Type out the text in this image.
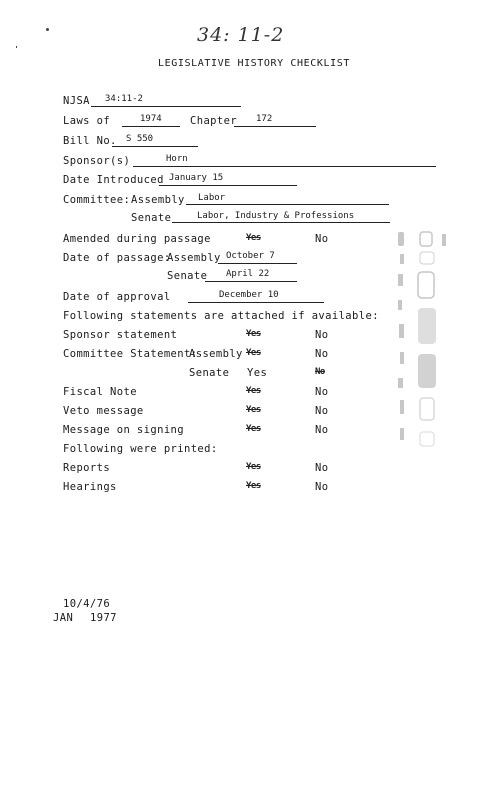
34: 11-2
LEGISLATIVE HISTORY CHECKLIST
NJSA 34:11-2
Laws of	1974	Chapter 172
Bill No. S 550
Sponsor(s)	Horn
Date Introduced January 15
Committee: Assembly Labor
Senate	Labor, Industry & Professions
Amended during passage	Yes	No
Date of passage:
Assembly October 7
Senate April 22
Date of approval	December 10
Following statements are attached if available:
Sponsor statement	Yes	No
Committee Statement:
Assembly Yes	No
Senate Yes	No
Fiscal Note	Yes	No
Veto message	Yes	No
Message on signing	Yes	No
Following were printed:
Reports	Yes	No
Hearings	Yes	No
10/4/76
JAN 1977
